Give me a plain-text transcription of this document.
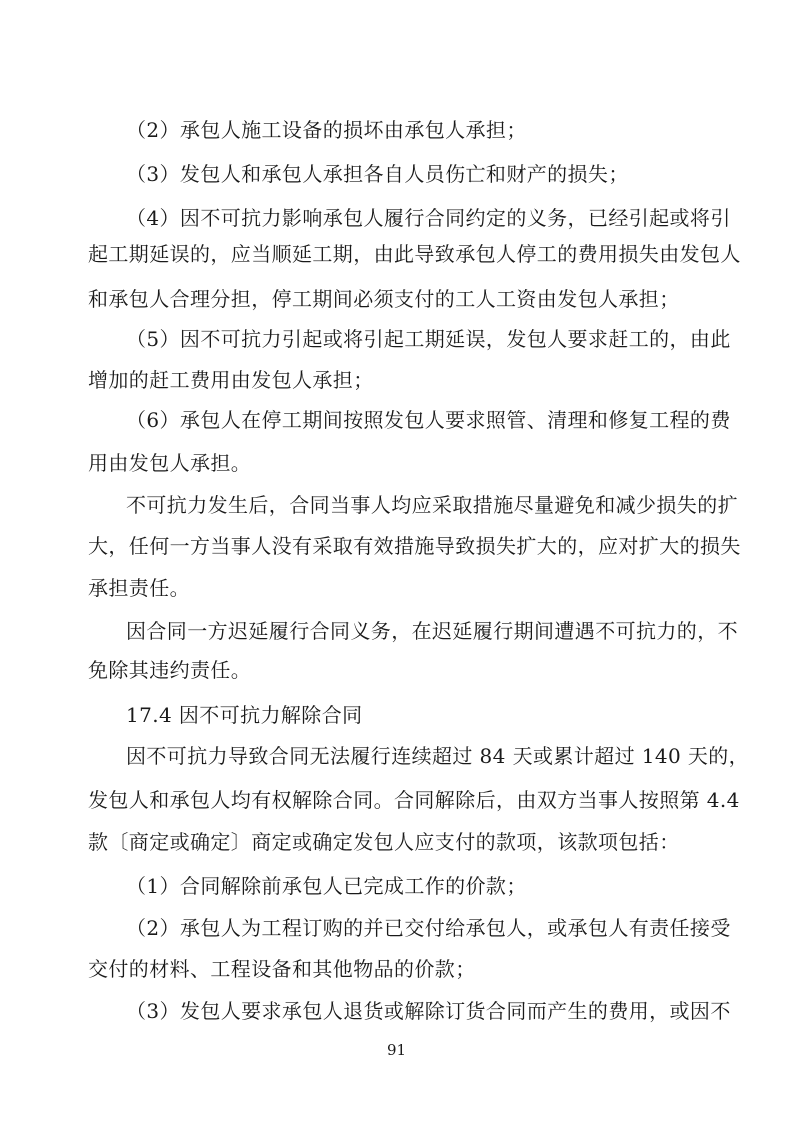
（2）承包人施工设备的损坏由承包人承担；
（3）发包人和承包人承担各自人员伤亡和财产的损失；
（4）因不可抗力影响承包人履行合同约定的义务，已经引起或将引
起工期延误的，应当顺延工期，由此导致承包人停工的费用损失由发包人
和承包人合理分担，停工期间必须支付的工人工资由发包人承担；
（5）因不可抗力引起或将引起工期延误，发包人要求赶工的，由此
增加的赶工费用由发包人承担；
（6）承包人在停工期间按照发包人要求照管、清理和修复工程的费
用由发包人承担。
不可抗力发生后，合同当事人均应采取措施尽量避免和减少损失的扩
大，任何一方当事人没有采取有效措施导致损失扩大的，应对扩大的损失
承担责任。
因合同一方迟延履行合同义务，在迟延履行期间遭遇不可抗力的，不
免除其违约责任。
17.4 因不可抗力解除合同
因不可抗力导致合同无法履行连续超过 84 天或累计超过 140 天的，
发包人和承包人均有权解除合同。合同解除后，由双方当事人按照第 4.4
款〔商定或确定〕商定或确定发包人应支付的款项，该款项包括：
（1）合同解除前承包人已完成工作的价款；
（2）承包人为工程订购的并已交付给承包人，或承包人有责任接受
交付的材料、工程设备和其他物品的价款；
（3）发包人要求承包人退货或解除订货合同而产生的费用，或因不
91
